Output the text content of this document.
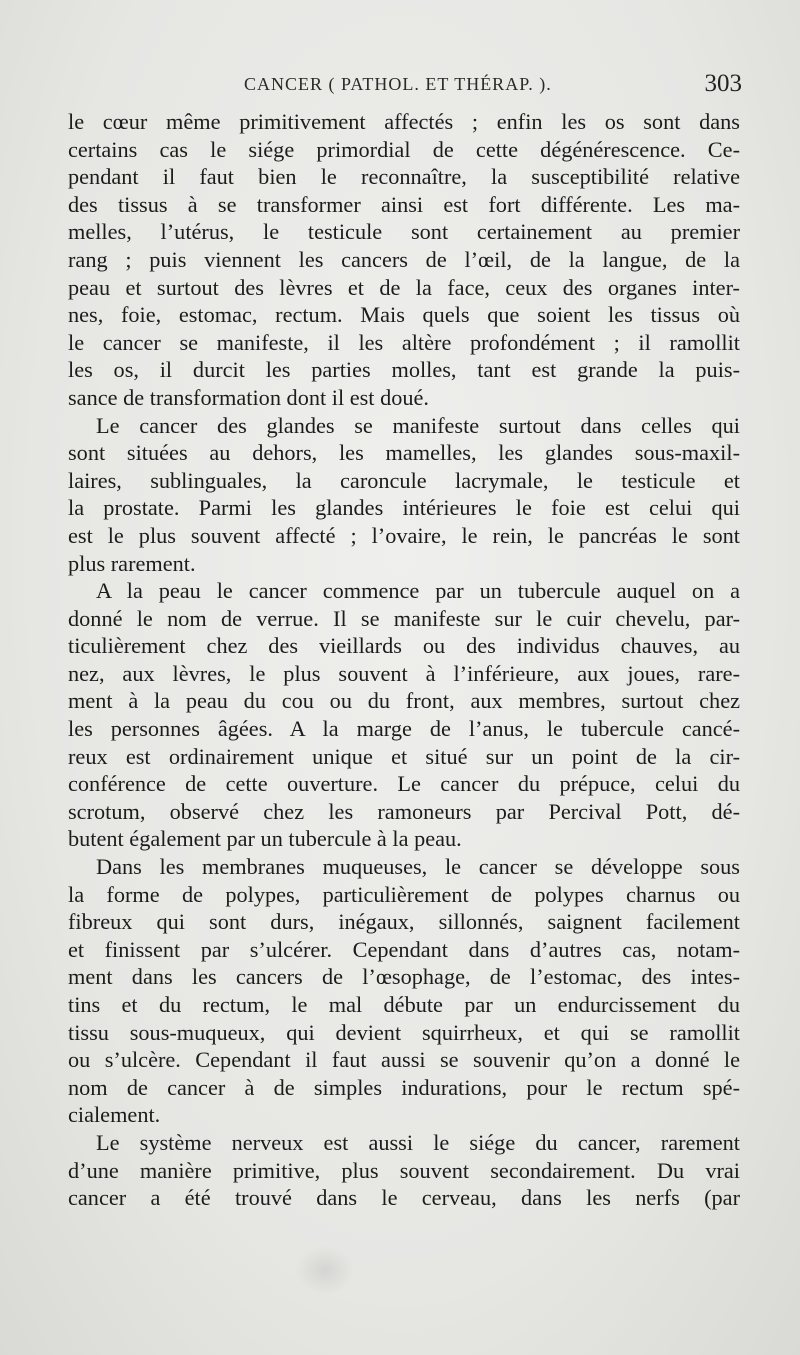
CANCER ( PATHOL. ET THÉRAP. ).	303
le cœur même primitivement affectés ; enfin les os sont dans
certains cas le siége primordial de cette dégénérescence. Ce-
pendant il faut bien le reconnaître, la susceptibilité relative
des tissus à se transformer ainsi est fort différente. Les ma-
melles, l’utérus, le testicule sont certainement au premier
rang ; puis viennent les cancers de l’œil, de la langue, de la
peau et surtout des lèvres et de la face, ceux des organes inter-
nes, foie, estomac, rectum. Mais quels que soient les tissus où
le cancer se manifeste, il les altère profondément ; il ramollit
les os, il durcit les parties molles, tant est grande la puis-
sance de transformation dont il est doué.
Le cancer des glandes se manifeste surtout dans celles qui
sont situées au dehors, les mamelles, les glandes sous-maxil-
laires, sublinguales, la caroncule lacrymale, le testicule et
la prostate. Parmi les glandes intérieures le foie est celui qui
est le plus souvent affecté ; l’ovaire, le rein, le pancréas le sont
plus rarement.
A la peau le cancer commence par un tubercule auquel on a
donné le nom de verrue. Il se manifeste sur le cuir chevelu, par-
ticulièrement chez des vieillards ou des individus chauves, au
nez, aux lèvres, le plus souvent à l’inférieure, aux joues, rare-
ment à la peau du cou ou du front, aux membres, surtout chez
les personnes âgées. A la marge de l’anus, le tubercule cancé-
reux est ordinairement unique et situé sur un point de la cir-
conférence de cette ouverture. Le cancer du prépuce, celui du
scrotum, observé chez les ramoneurs par Percival Pott, dé-
butent également par un tubercule à la peau.
Dans les membranes muqueuses, le cancer se développe sous
la forme de polypes, particulièrement de polypes charnus ou
fibreux qui sont durs, inégaux, sillonnés, saignent facilement
et finissent par s’ulcérer. Cependant dans d’autres cas, notam-
ment dans les cancers de l’œsophage, de l’estomac, des intes-
tins et du rectum, le mal débute par un endurcissement du
tissu sous-muqueux, qui devient squirrheux, et qui se ramollit
ou s’ulcère. Cependant il faut aussi se souvenir qu’on a donné le
nom de cancer à de simples indurations, pour le rectum spé-
cialement.
Le système nerveux est aussi le siége du cancer, rarement
d’une manière primitive, plus souvent secondairement. Du vrai
cancer a été trouvé dans le cerveau, dans les nerfs (par
